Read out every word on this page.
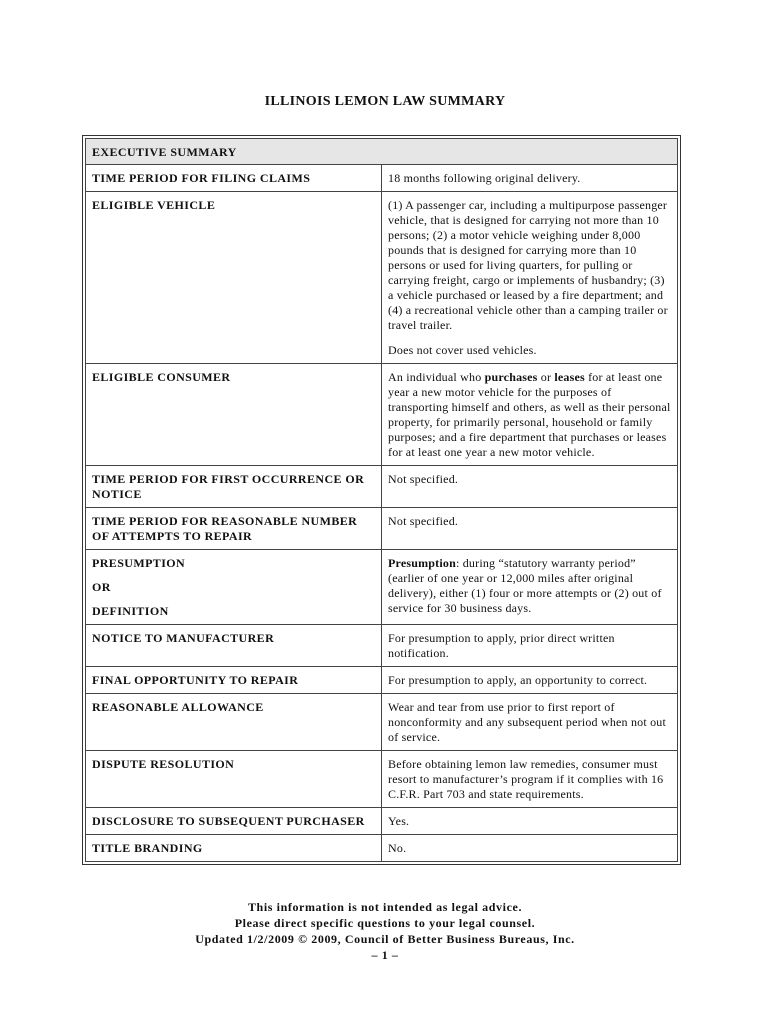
ILLINOIS LEMON LAW SUMMARY
EXECUTIVE SUMMARY	
TIME PERIOD FOR FILING CLAIMS	18 months following original delivery.
ELIGIBLE VEHICLE	(1) A passenger car, including a multipurpose passenger vehicle, that is designed for carrying not more than 10 persons; (2) a motor vehicle weighing under 8,000 pounds that is designed for carrying more than 10 persons or used for living quarters, for pulling or carrying freight, cargo or implements of husbandry; (3) a vehicle purchased or leased by a fire department; and (4) a recreational vehicle other than a camping trailer or travel trailer.
Does not cover used vehicles.

ELIGIBLE CONSUMER	An individual who purchases or leases for at least one year a new motor vehicle for the purposes of transporting himself and others, as well as their personal property, for primarily personal, household or family purposes; and a fire department that purchases or leases for at least one year a new motor vehicle.
TIME PERIOD FOR FIRST OCCURRENCE OR NOTICE	Not specified.
TIME PERIOD FOR REASONABLE NUMBER OF ATTEMPTS TO REPAIR	Not specified.

PRESUMPTION
OR
DEFINITION	Presumption: during “statutory warranty period” (earlier of one year or 12,000 miles after original delivery), either (1) four or more attempts or (2) out of service for 30 business days.
NOTICE TO MANUFACTURER	For presumption to apply, prior direct written notification.
FINAL OPPORTUNITY TO REPAIR	For presumption to apply, an opportunity to correct.
REASONABLE ALLOWANCE	Wear and tear from use prior to first report of nonconformity and any subsequent period when not out of service.
DISPUTE RESOLUTION	Before obtaining lemon law remedies, consumer must resort to manufacturer’s program if it complies with 16 C.F.R. Part 703 and state requirements.
DISCLOSURE TO SUBSEQUENT PURCHASER	Yes.
TITLE BRANDING	No.
This information is not intended as legal advice.
Please direct specific questions to your legal counsel.
Updated 1/2/2009 © 2009, Council of Better Business Bureaus, Inc.
– 1 –
